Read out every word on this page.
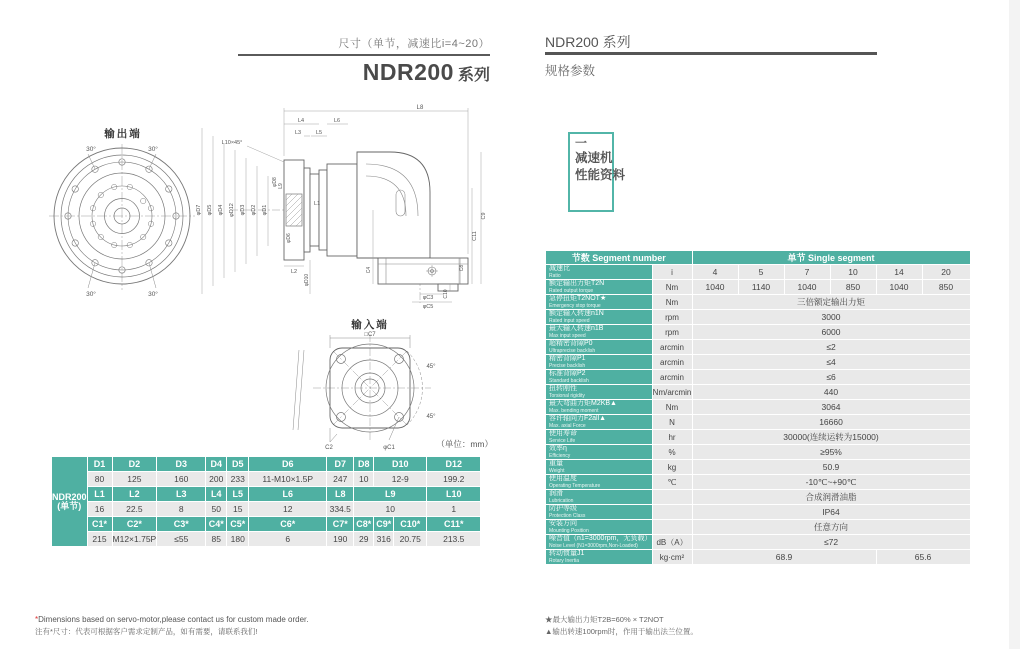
尺寸（单节，减速比i=4~20）
NDR200 系列
NDR200 系列
规格参数
一
减速机
性能资料
输出端
30°	30°
30°	30°
L8
L4	L6
L3	L5
L10×45°
φD7 φD5 φD4 φD12 φD3 φD2 φD1
φD8 L9
L1
φD6
L2
φD10
C9
C11
C8
C10
C4
φC3
φC5
输入端
□C7
45°
45°
C2	φC1	（单位：mm）
NDR200
(单节)	D1	D2	D3	D4	D5	D6	D7	D8	D10		D12
	80	125	160	200	233	11-M10×1.5P	247	10	12-9		199.2
	L1	L2	L3	L4	L5	L6	L8	L9			L10
	16	22.5	8	50	15	12	334.5	10			1
	C1*	C2*	C3*	C4*	C5*	C6*	C7*	C8*	C9*	C10*	C11*
	215	M12×1.75P	≤55	85	180	6	190	29	316	20.75	213.5
节数 Segment number		单节 Single segment					

减速比
Ratio	i	4	5	7	10	14	20

额定输出力矩T2N
Rated output torque	Nm	1040	1140	1040	850	1040	850

急停扭矩T2NOT★
Emergency stop torque	Nm	三倍额定输出力矩					

额定输入转速n1N
Rated input speed	rpm	3000					

最大输入转速n1B
Max input speed	rpm	6000					

超精密背隙P0
Ultraprecise backlish	arcmin	≤2					

精密背隙P1
Precise backlish	arcmin	≤4					

标准背隙P2
Standard backlish	arcmin	≤6					

扭转刚性
Torsional rigidity	Nm/arcmin	440					

最大弯曲力矩M2KB▲
Max. bending moment	Nm	3064					

容许轴向力F2all▲
Max. axial Force	N	16660					

使用寿命
Service Life	hr	30000(连续运转为15000)					

效率η
Efficiency	%	≥95%					

重量
Weight	kg	50.9					

使用温度
Operating Temperature	℃	-10℃~+90℃					

润滑
Lubrication		合成润滑油脂					

防护等级
Protection Class		IP64					

安装方向
Mounting Position		任意方向					

噪音值（n1=3000rpm，无负载）
Noise Level (N1=3000rpm,Non-Loaded)	dB（A）	≤72					

转动惯量J1
Rotary Inertia	kg·cm²	68.9				65.6	
*Dimensions based on servo-motor,please contact us for custom made order.
注有*尺寸：代表可根据客户需求定制产品，如有需要，请联系我们!
★最大输出力矩T2B=60% × T2NOT
▲输出转速100rpm时，作用于输出法兰位置。
